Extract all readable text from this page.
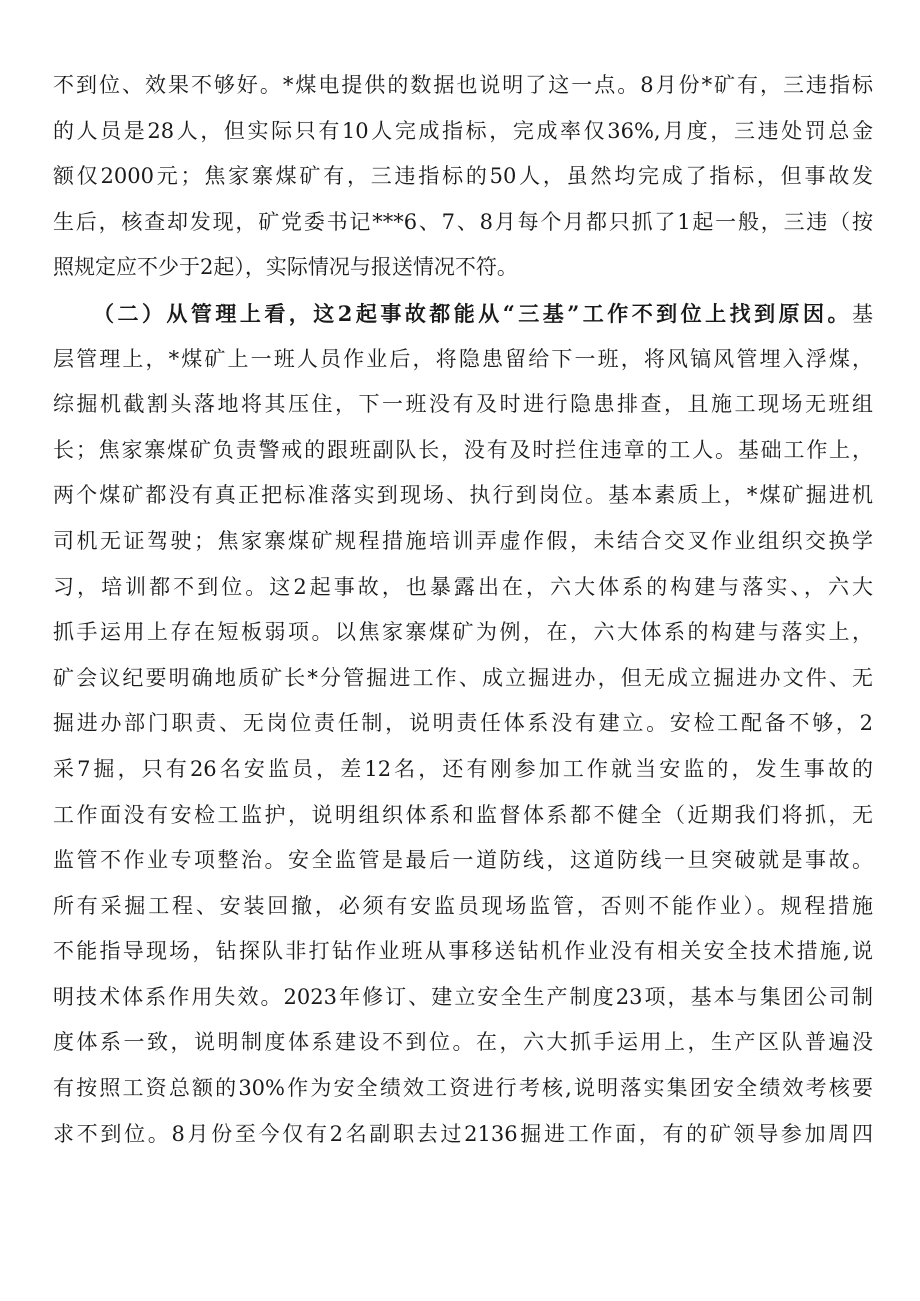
不到位、效果不够好。*煤电提供的数据也说明了这一点。8月份*矿有，三违指标
的人员是28人，但实际只有10人完成指标，完成率仅36%,月度，三违处罚总金
额仅2000元；焦家寨煤矿有，三违指标的50人，虽然均完成了指标，但事故发
生后，核查却发现，矿党委书记***6、7、8月每个月都只抓了1起一般，三违（按
照规定应不少于2起），实际情况与报送情况不符。
（二）从管理上看，这2起事故都能从“三基”工作不到位上找到原因。基
层管理上，*煤矿上一班人员作业后，将隐患留给下一班，将风镐风管埋入浮煤，
综掘机截割头落地将其压住，下一班没有及时进行隐患排查，且施工现场无班组
长；焦家寨煤矿负责警戒的跟班副队长，没有及时拦住违章的工人。基础工作上，
两个煤矿都没有真正把标准落实到现场、执行到岗位。基本素质上，*煤矿掘进机
司机无证驾驶；焦家寨煤矿规程措施培训弄虚作假，未结合交叉作业组织交换学
习，培训都不到位。这2起事故，也暴露出在，六大体系的构建与落实、，六大
抓手运用上存在短板弱项。以焦家寨煤矿为例，在，六大体系的构建与落实上，
矿会议纪要明确地质矿长*分管掘进工作、成立掘进办，但无成立掘进办文件、无
掘进办部门职责、无岗位责任制，说明责任体系没有建立。安检工配备不够，2
采7掘，只有26名安监员，差12名，还有刚参加工作就当安监的，发生事故的
工作面没有安检工监护，说明组织体系和监督体系都不健全（近期我们将抓，无
监管不作业专项整治。安全监管是最后一道防线，这道防线一旦突破就是事故。
所有采掘工程、安装回撤，必须有安监员现场监管，否则不能作业）。规程措施
不能指导现场，钻探队非打钻作业班从事移送钻机作业没有相关安全技术措施,说
明技术体系作用失效。2023年修订、建立安全生产制度23项，基本与集团公司制
度体系一致，说明制度体系建设不到位。在，六大抓手运用上，生产区队普遍没
有按照工资总额的30%作为安全绩效工资进行考核,说明落实集团安全绩效考核要
求不到位。8月份至今仅有2名副职去过2136掘进工作面，有的矿领导参加周四
